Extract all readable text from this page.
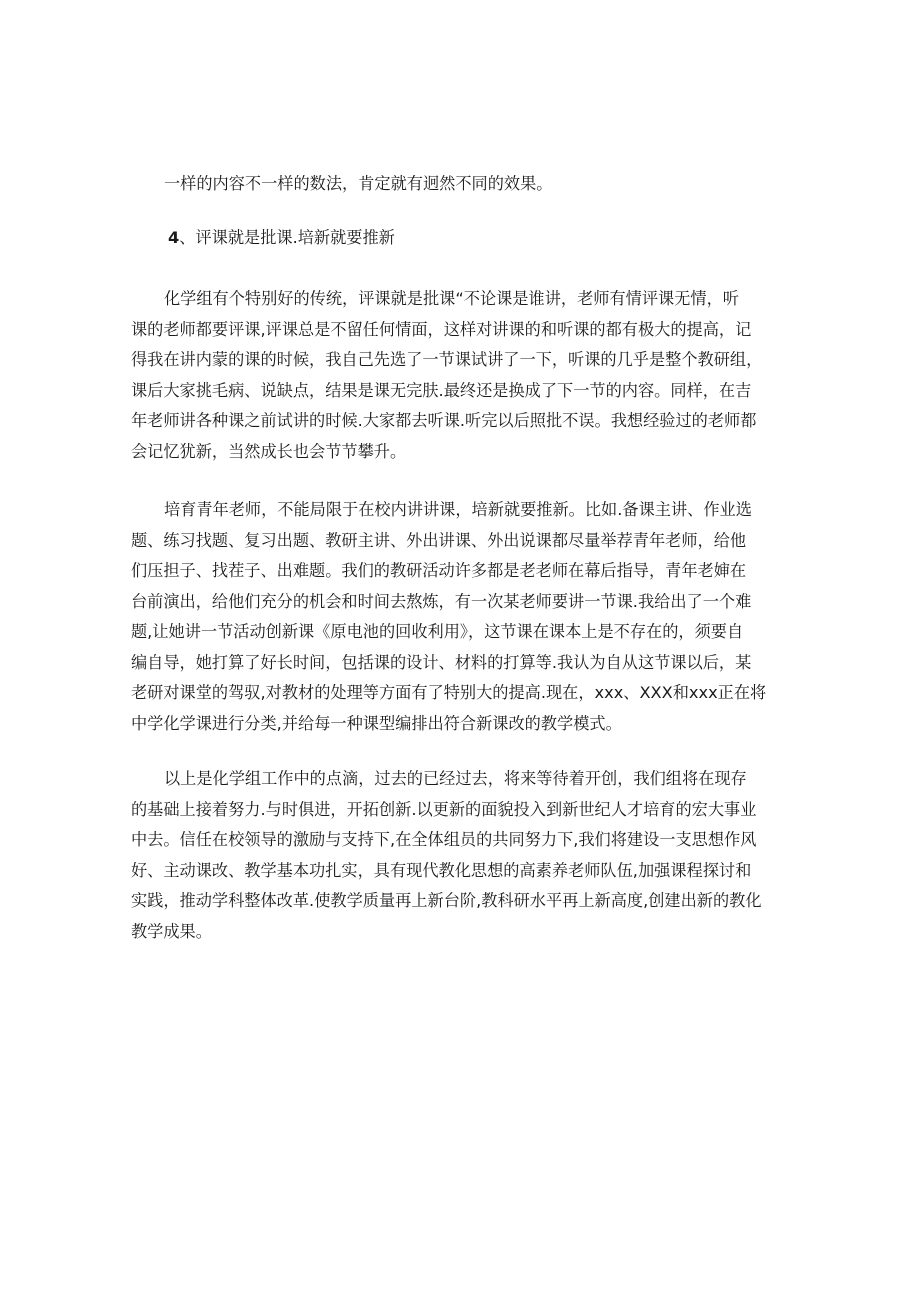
一样的内容不一样的数法，肯定就有迥然不同的效果。
4、评课就是批课.培新就要推新
化学组有个特别好的传统，评课就是批课“不论课是谁讲，老师有情评课无情，听
课的老师都要评课,评课总是不留任何情面，这样对讲课的和听课的都有极大的提高，记
得我在讲内蒙的课的时候，我自己先选了一节课试讲了一下，听课的几乎是整个教研组，
课后大家挑毛病、说缺点，结果是课无完肤.最终还是换成了下一节的内容。同样，在吉
年老师讲各种课之前试讲的时候.大家都去听课.听完以后照批不误。我想经验过的老师都
会记忆犹新，当然成长也会节节攀升。
培育青年老师，不能局限于在校内讲讲课，培新就要推新。比如.备课主讲、作业选
题、练习找题、复习出题、教研主讲、外出讲课、外出说课都尽量举荐青年老师，给他
们压担子、找茬子、出难题。我们的教研活动许多都是老老师在幕后指导，青年老婶在
台前演出，给他们充分的机会和时间去熬炼，有一次某老师要讲一节课.我给出了一个难
题,让她讲一节活动创新课《原电池的回收利用》，这节课在课本上是不存在的，须要自
编自导，她打算了好长时间，包括课的设计、材料的打算等.我认为自从这节课以后，某
老研对课堂的驾驭,对教材的处理等方面有了特别大的提高.现在，xxx、XXX和xxx正在将
中学化学课进行分类,并给每一种课型编排出符合新课改的教学模式。
以上是化学组工作中的点滴，过去的已经过去，将来等待着开创，我们组将在现存
的基础上接着努力.与时俱进，开拓创新.以更新的面貌投入到新世纪人才培育的宏大事业
中去。信任在校领导的激励与支持下,在全体组员的共同努力下,我们将建设一支思想作风
好、主动课改、教学基本功扎实，具有现代教化思想的高素养老师队伍,加强课程探讨和
实践，推动学科整体改革.使教学质量再上新台阶,教科研水平再上新高度,创建出新的教化
教学成果。
